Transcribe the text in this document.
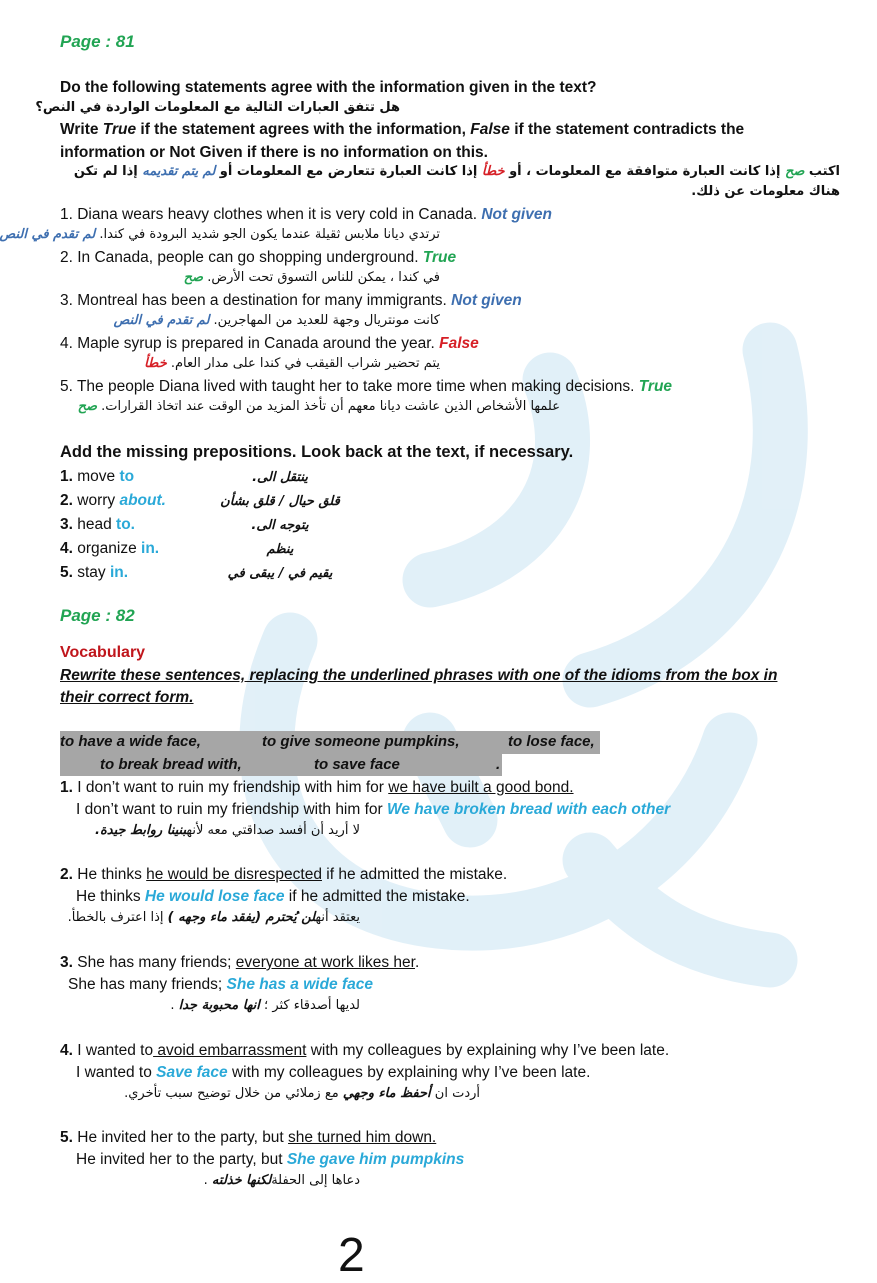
Page : 81
Do the following statements agree with the information given in the text?
هل تتفق العبارات التالية مع المعلومات الواردة في النص؟
Write True if the statement agrees with the information, False if the statement contradicts the
information or Not Given if there is no information on this.
اكتب صح إذا كانت العبارة متوافقة مع المعلومات ، أو خطأ إذا كانت العبارة تتعارض مع المعلومات أو لم يتم تقديمه إذا لم تكن
هناك معلومات عن ذلك.
1. Diana wears heavy clothes when it is very cold in Canada. Not given
ترتدي ديانا ملابس ثقيلة عندما يكون الجو شديد البرودة في كندا. لم تقدم في النص
2. In Canada, people can go shopping underground. True
في كندا ، يمكن للناس التسوق تحت الأرض. صح
3. Montreal has been a destination for many immigrants. Not given
كانت مونتريال وجهة للعديد من المهاجرين. لم تقدم في النص
4. Maple syrup is prepared in Canada around the year. False
يتم تحضير شراب القيقب في كندا على مدار العام. خطأ
5. The people Diana lived with taught her to take more time when making decisions. True
علمها الأشخاص الذين عاشت ديانا معهم أن تأخذ المزيد من الوقت عند اتخاذ القرارات. صح
Add the missing prepositions. Look back at the text, if necessary.
1. move to	ينتقل الى.
2. worry about.	قلق حيال / قلق بشأن
3. head to.	يتوجه الى.
4. organize in.	ينظم
5. stay in.	يقيم في / يبقى في
Page : 82
Vocabulary
Rewrite these sentences, replacing the underlined phrases with one of the idioms from the box in
their correct form.
to have a wide face,	to give someone pumpkins,	to lose face,
to break bread with,	to save face	.
1. I don’t want to ruin my friendship with him for we have built a good bond.
I don’t want to ruin my friendship with him for We have broken bread with each other
لا أريد أن أفسد صداقتي معه لأنهبنينا روابط جيدة.
2. He thinks he would be disrespected if he admitted the mistake.
He thinks He would lose face if he admitted the mistake.
يعتقد أنهلن يُحترم (يفقد ماء وجهه ) إذا اعترف بالخطأ.
3. She has many friends; everyone at work likes her.
She has many friends; She has a wide face
لديها أصدقاء كثر ؛ انها محبوبة جدا .
4. I wanted to avoid embarrassment with my colleagues by explaining why I’ve been late.
I wanted to Save face with my colleagues by explaining why I’ve been late.
أردت ان أحفظ ماء وجهي مع زملائي من خلال توضيح سبب تأخري.
5. He invited her to the party, but she turned him down.
He invited her to the party, but She gave him pumpkins
دعاها إلى الحفلةلكنها خذلته .
2
